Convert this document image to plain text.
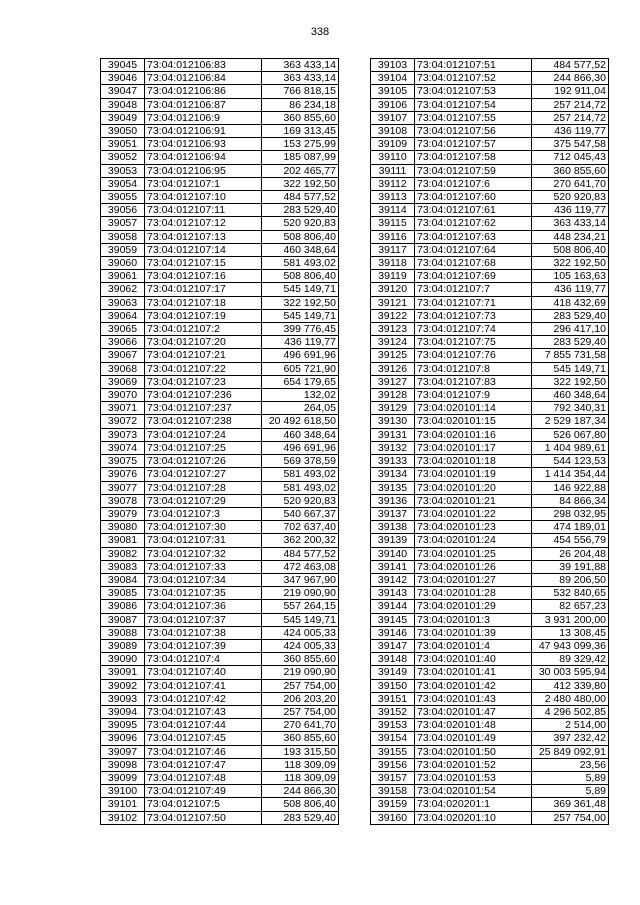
338
39045	73:04:012106:83	363 433,14
39046	73:04:012106:84	363 433,14
39047	73:04:012106:86	766 818,15
39048	73:04:012106:87	86 234,18
39049	73:04:012106:9	360 855,60
39050	73:04:012106:91	169 313,45
39051	73:04:012106:93	153 275,99
39052	73:04:012106:94	185 087,99
39053	73:04:012106:95	202 465,77
39054	73:04:012107:1	322 192,50
39055	73:04:012107:10	484 577,52
39056	73:04:012107:11	283 529,40
39057	73:04:012107:12	520 920,83
39058	73:04:012107:13	508 806,40
39059	73:04:012107:14	460 348,64
39060	73:04:012107:15	581 493,02
39061	73:04:012107:16	508 806,40
39062	73:04:012107:17	545 149,71
39063	73:04:012107:18	322 192,50
39064	73:04:012107:19	545 149,71
39065	73:04:012107:2	399 776,45
39066	73:04:012107:20	436 119,77
39067	73:04:012107:21	496 691,96
39068	73:04:012107:22	605 721,90
39069	73:04:012107:23	654 179,65
39070	73:04:012107:236	132,02
39071	73:04:012107:237	264,05
39072	73:04:012107:238	20 492 618,50
39073	73:04:012107:24	460 348,64
39074	73:04:012107:25	496 691,96
39075	73:04:012107:26	569 378,59
39076	73:04:012107:27	581 493,02
39077	73:04:012107:28	581 493,02
39078	73:04:012107:29	520 920,83
39079	73:04:012107:3	540 667,37
39080	73:04:012107:30	702 637,40
39081	73:04:012107:31	362 200,32
39082	73:04:012107:32	484 577,52
39083	73:04:012107:33	472 463,08
39084	73:04:012107:34	347 967,90
39085	73:04:012107:35	219 090,90
39086	73:04:012107:36	557 264,15
39087	73:04:012107:37	545 149,71
39088	73:04:012107:38	424 005,33
39089	73:04:012107:39	424 005,33
39090	73:04:012107:4	360 855,60
39091	73:04:012107:40	219 090,90
39092	73:04:012107:41	257 754,00
39093	73:04:012107:42	206 203,20
39094	73:04:012107:43	257 754,00
39095	73:04:012107:44	270 641,70
39096	73:04:012107:45	360 855,60
39097	73:04:012107:46	193 315,50
39098	73:04:012107:47	118 309,09
39099	73:04:012107:48	118 309,09
39100	73:04:012107:49	244 866,30
39101	73:04:012107:5	508 806,40
39102	73:04:012107:50	283 529,40
39103	73:04:012107:51	484 577,52
39104	73:04:012107:52	244 866,30
39105	73:04:012107:53	192 911,04
39106	73:04:012107:54	257 214,72
39107	73:04:012107:55	257 214,72
39108	73:04:012107:56	436 119,77
39109	73:04:012107:57	375 547,58
39110	73:04:012107:58	712 045,43
39111	73:04:012107:59	360 855,60
39112	73:04:012107:6	270 641,70
39113	73:04:012107:60	520 920,83
39114	73:04:012107:61	436 119,77
39115	73:04:012107:62	363 433,14
39116	73:04:012107:63	448 234,21
39117	73:04:012107:64	508 806,40
39118	73:04:012107:68	322 192,50
39119	73:04:012107:69	105 163,63
39120	73:04:012107:7	436 119,77
39121	73:04:012107:71	418 432,69
39122	73:04:012107:73	283 529,40
39123	73:04:012107:74	296 417,10
39124	73:04:012107:75	283 529,40
39125	73:04:012107:76	7 855 731,58
39126	73:04:012107:8	545 149,71
39127	73:04:012107:83	322 192,50
39128	73:04:012107:9	460 348,64
39129	73:04:020101:14	792 340,31
39130	73:04:020101:15	2 529 187,34
39131	73:04:020101:16	526 067,80
39132	73:04:020101:17	1 404 989,61
39133	73:04:020101:18	544 123,53
39134	73:04:020101:19	1 414 354,44
39135	73:04:020101:20	146 922,88
39136	73:04:020101:21	84 866,34
39137	73:04:020101:22	298 032,95
39138	73:04:020101:23	474 189,01
39139	73:04:020101:24	454 556,79
39140	73:04:020101:25	26 204,48
39141	73:04:020101:26	39 191,88
39142	73:04:020101:27	89 206,50
39143	73:04:020101:28	532 840,65
39144	73:04:020101:29	82 657,23
39145	73:04:020101:3	3 931 200,00
39146	73:04:020101:39	13 308,45
39147	73:04:020101:4	47 943 099,36
39148	73:04:020101:40	89 329,42
39149	73:04:020101:41	30 003 595,94
39150	73:04:020101:42	412 339,80
39151	73:04:020101:43	2 480 480,00
39152	73:04:020101:47	4 296 502,85
39153	73:04:020101:48	2 514,00
39154	73:04:020101:49	397 232,42
39155	73:04:020101:50	25 849 092,91
39156	73:04:020101:52	23,56
39157	73:04:020101:53	5,89
39158	73:04:020101:54	5,89
39159	73:04:020201:1	369 361,48
39160	73:04:020201:10	257 754,00
